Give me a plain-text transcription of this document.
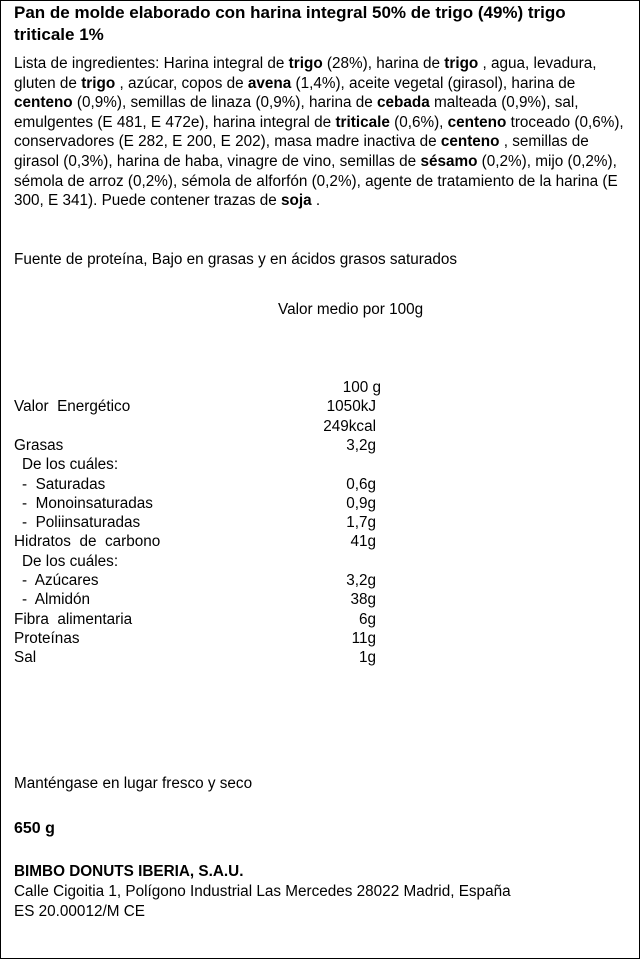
Pan de molde elaborado con harina integral 50% de trigo (49%) trigo triticale 1%
Lista de ingredientes: Harina integral de trigo (28%), harina de trigo , agua, levadura, gluten de trigo , azúcar, copos de avena (1,4%), aceite vegetal (girasol), harina de centeno (0,9%), semillas de linaza (0,9%), harina de cebada malteada (0,9%), sal, emulgentes (E 481, E 472e), harina integral de triticale (0,6%), centeno troceado (0,6%), conservadores (E 282, E 200, E 202), masa madre inactiva de centeno , semillas de girasol (0,3%), harina de haba, vinagre de vino, semillas de sésamo (0,2%), mijo (0,2%), sémola de arroz (0,2%), sémola de alforfón (0,2%), agente de tratamiento de la harina (E 300, E 341). Puede contener trazas de soja .
Fuente de proteína, Bajo en grasas y en ácidos grasos saturados
Valor medio por 100g
100 g
Valor  Energético	1050kJ
249kcal
Grasas	3,2g
De los cuáles:
-  Saturadas	0,6g
-  Monoinsaturadas	0,9g
-  Poliinsaturadas	1,7g
Hidratos  de  carbono	41g
De los cuáles:
-  Azúcares	3,2g
-  Almidón	38g
Fibra  alimentaria	6g
Proteínas	11g
Sal	1g
Manténgase en lugar fresco y seco
650 g
BIMBO DONUTS IBERIA, S.A.U.
Calle Cigoitia 1, Polígono Industrial Las Mercedes 28022 Madrid, España
ES 20.00012/M CE
